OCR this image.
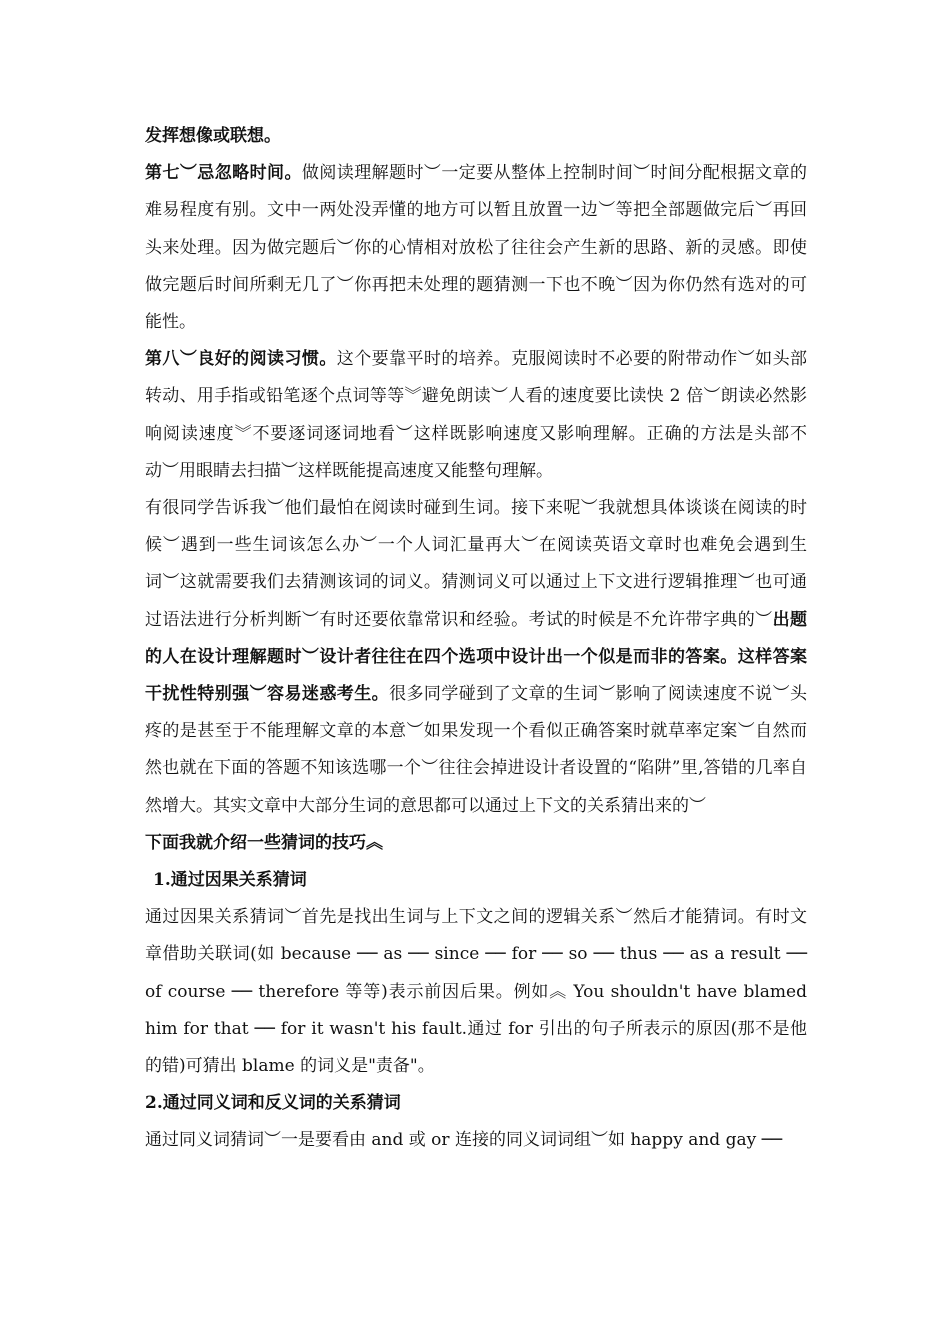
发挥想像或联想。

第七︶忌忽略时间。做阅读理解题时︶一定要从整体上控制时间︶时间分配根据文章的难易程度有别。文中一两处没弄懂的地方可以暂且放置一边︶等把全部题做完后︶再回头来处理。因为做完题后︶你的心情相对放松了往往会产生新的思路、新的灵感。即使做完题后时间所剩无几了︶你再把未处理的题猜测一下也不晚︶因为你仍然有选对的可能性。

第八︶良好的阅读习惯。这个要靠平时的培养。克服阅读时不必要的附带动作︶如头部转动、用手指或铅笔逐个点词等等︾避免朗读︶人看的速度要比读快 2 倍︶朗读必然影响阅读速度︾不要逐词逐词地看︶这样既影响速度又影响理解。正确的方法是头部不动︶用眼睛去扫描︶这样既能提高速度又能整句理解。

有很同学告诉我︶他们最怕在阅读时碰到生词。接下来呢︶我就想具体谈谈在阅读的时候︶遇到一些生词该怎么办︶一个人词汇量再大︶在阅读英语文章时也难免会遇到生词︶这就需要我们去猜测该词的词义。猜测词义可以通过上下文进行逻辑推理︶也可通过语法进行分析判断︶有时还要依靠常识和经验。考试的时候是不允许带字典的︶出题的人在设计理解题时︶设计者往往在四个选项中设计出一个似是而非的答案。这样答案干扰性特别强︶容易迷惑考生。很多同学碰到了文章的生词︶影响了阅读速度不说︶头疼的是甚至于不能理解文章的本意︶如果发现一个看似正确答案时就草率定案︶自然而然也就在下面的答题不知该选哪一个︶往往会掉进设计者设置的“陷阱”里,答错的几率自然增大。其实文章中大部分生词的意思都可以通过上下文的关系猜出来的︶

下面我就介绍一些猜词的技巧︽

1.通过因果关系猜词

通过因果关系猜词︶首先是找出生词与上下文之间的逻辑关系︶然后才能猜词。有时文章借助关联词(如 because ── as ── since ── for ── so ── thus ── as a result ── of course ── therefore 等等)表示前因后果。例如︽ You shouldn't have blamed him for that ── for it wasn't his fault.通过 for 引出的句子所表示的原因(那不是他的错)可猜出 blame 的词义是"责备"。

2.通过同义词和反义词的关系猜词

通过同义词猜词︶一是要看由 and 或 or 连接的同义词词组︶如 happy and gay ──
